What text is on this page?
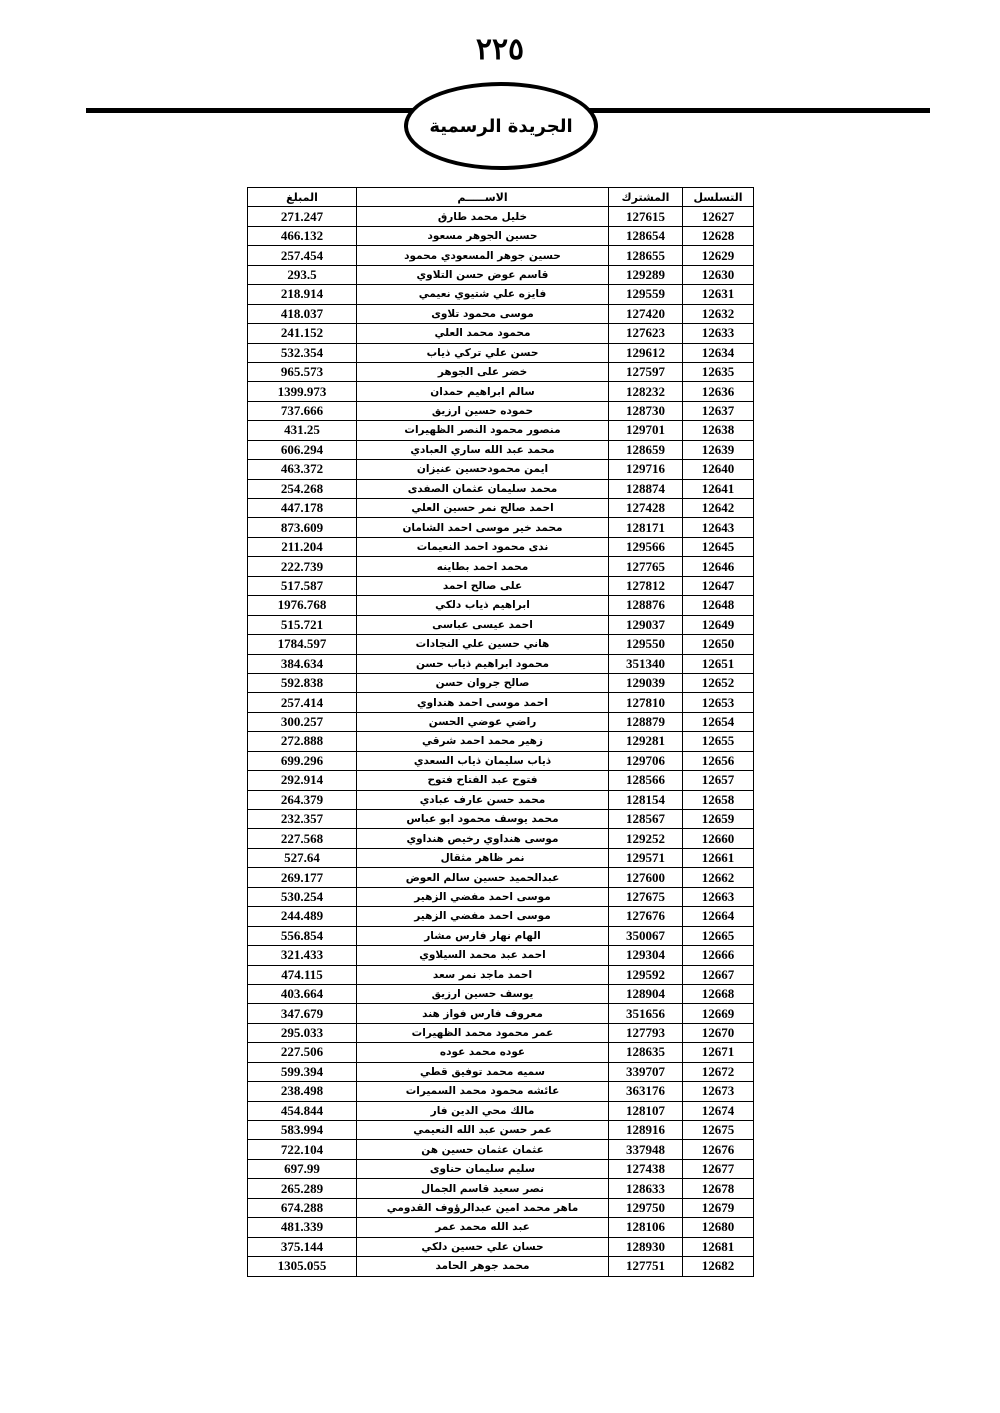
٢٢٥
الجريدة الرسمية
التسلسل	المشترك	الاســـــم	المبلغ
12627	127615	خليل محمد طارق	271.247
12628	128654	حسين الجوهر مسعود	466.132
12629	128655	حسين جوهر المسعودي محمود	257.454
12630	129289	قاسم عوض حسن التلاوي	293.5
12631	129559	فايزه علي شتيوي نعيمي	218.914
12632	127420	موسى محمود تلاوى	418.037
12633	127623	محمود محمد العلي	241.152
12634	129612	حسن علي تركي ذياب	532.354
12635	127597	خضر على الجوهر	965.573
12636	128232	سالم ابراهيم حمدان	1399.973
12637	128730	حموده حسين ارزيق	737.666
12638	129701	منصور محمود النصر الظهيرات	431.25
12639	128659	محمد عبد الله ساري العبادي	606.294
12640	129716	ايمن محمودحسين عنيزان	463.372
12641	128874	محمد سليمان عثمان الصفدى	254.268
12642	127428	احمد صالح نمر حسين العلي	447.178
12643	128171	محمد خير موسى احمد الشامان	873.609
12645	129566	ندى محمود احمد النعيمات	211.204
12646	127765	محمد احمد بطاينه	222.739
12647	127812	على صالح احمد	517.587
12648	128876	ابراهيم ذياب دلكي	1976.768
12649	129037	احمد عيسى عباسى	515.721
12650	129550	هاني حسين علي النجادات	1784.597
12651	351340	محمود ابراهيم ذياب حسن	384.634
12652	129039	صالح جروان حسن	592.838
12653	127810	احمد موسى احمد هنداوي	257.414
12654	128879	راضي عوضي الحسن	300.257
12655	129281	زهير محمد احمد شرقي	272.888
12656	129706	ذياب سليمان ذياب السعدي	699.296
12657	128566	فتوح عبد الفتاح فتوح	292.914
12658	128154	محمد حسن عارف عبادي	264.379
12659	128567	محمد يوسف محمود ابو عباس	232.357
12660	129252	موسى هنداوي رخيص هنداوي	227.568
12661	129571	نمر ظاهر مثقال	527.64
12662	127600	عبدالحميد حسين سالم العوض	269.177
12663	127675	موسى احمد مفضي الزهير	530.254
12664	127676	موسى احمد مفضي الزهير	244.489
12665	350067	الهام نهار فارس مشار	556.854
12666	129304	احمد عبد محمد السيلاوي	321.433
12667	129592	احمد ماجد نمر سعد	474.115
12668	128904	يوسف حسين ارزيق	403.664
12669	351656	معروف فارس فواز هند	347.679
12670	127793	عمر محمود محمد الظهيرات	295.033
12671	128635	عوده محمد عوده	227.506
12672	339707	سميه محمد توفيق قطي	599.394
12673	363176	عائشه محمود محمد السميرات	238.498
12674	128107	مالك محي الدين فار	454.844
12675	128916	عمر حسن عبد الله النعيمي	583.994
12676	337948	عثمان عثمان حسين هن	722.104
12677	127438	سليم سليمان حناوى	697.99
12678	128633	نصر سعيد قاسم الجمال	265.289
12679	129750	ماهر محمد امين عبدالرؤوف القدومي	674.288
12680	128106	عبد الله محمد عمر	481.339
12681	128930	حسان علي حسين دلكي	375.144
12682	127751	محمد جوهر الحامد	1305.055
